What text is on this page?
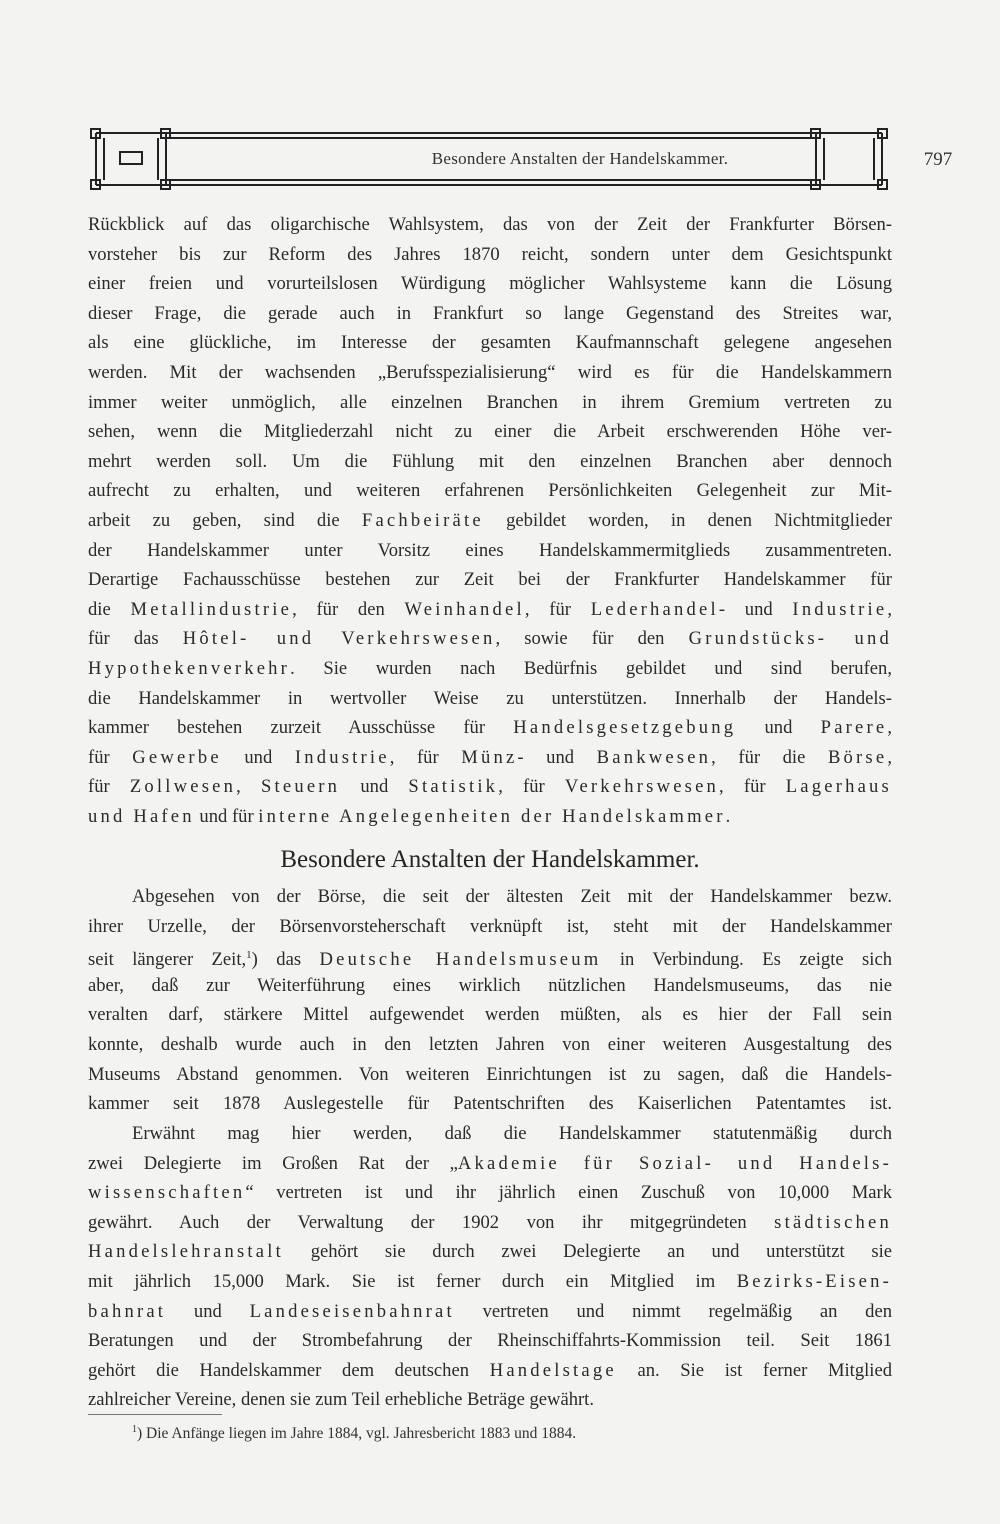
Besondere Anstalten der Handelskammer.	797
Rückblick auf das oligarchische Wahlsystem, das von der Zeit der Frankfurter Börsen-
vorsteher bis zur Reform des Jahres 1870 reicht, sondern unter dem Gesichtspunkt
einer freien und vorurteilslosen Würdigung möglicher Wahlsysteme kann die Lösung
dieser Frage, die gerade auch in Frankfurt so lange Gegenstand des Streites war,
als eine glückliche, im Interesse der gesamten Kaufmannschaft gelegene angesehen
werden. Mit der wachsenden „Berufsspezialisierung“ wird es für die Handelskammern
immer weiter unmöglich, alle einzelnen Branchen in ihrem Gremium vertreten zu
sehen, wenn die Mitgliederzahl nicht zu einer die Arbeit erschwerenden Höhe ver-
mehrt werden soll. Um die Fühlung mit den einzelnen Branchen aber dennoch
aufrecht zu erhalten, und weiteren erfahrenen Persönlichkeiten Gelegenheit zur Mit-
arbeit zu geben, sind die Fachbeiräte gebildet worden, in denen Nichtmitglieder
der Handelskammer unter Vorsitz eines Handelskammermitglieds zusammentreten.
Derartige Fachausschüsse bestehen zur Zeit bei der Frankfurter Handelskammer für
die Metallindustrie, für den Weinhandel, für Lederhandel- und Industrie,
für das Hôtel- und Verkehrswesen, sowie für den Grundstücks- und
Hypothekenverkehr. Sie wurden nach Bedürfnis gebildet und sind berufen,
die Handelskammer in wertvoller Weise zu unterstützen. Innerhalb der Handels-
kammer bestehen zurzeit Ausschüsse für Handelsgesetzgebung und Parere,
für Gewerbe und Industrie, für Münz- und Bankwesen, für die Börse,
für Zollwesen, Steuern und Statistik, für Verkehrswesen, für Lagerhaus
und Hafen und für interne Angelegenheiten der Handelskammer.
Besondere Anstalten der Handelskammer.
Abgesehen von der Börse, die seit der ältesten Zeit mit der Handelskammer bezw.
ihrer Urzelle, der Börsenvorsteherschaft verknüpft ist, steht mit der Handelskammer
seit längerer Zeit,$^1$) das Deutsche Handelsmuseum in Verbindung. Es zeigte sich
aber, daß zur Weiterführung eines wirklich nützlichen Handelsmuseums, das nie
veralten darf, stärkere Mittel aufgewendet werden müßten, als es hier der Fall sein
konnte, deshalb wurde auch in den letzten Jahren von einer weiteren Ausgestaltung des
Museums Abstand genommen. Von weiteren Einrichtungen ist zu sagen, daß die Handels-
kammer seit 1878 Auslegestelle für Patentschriften des Kaiserlichen Patentamtes ist.
Erwähnt mag hier werden, daß die Handelskammer statutenmäßig durch
zwei Delegierte im Großen Rat der „Akademie für Sozial- und Handels-
wissenschaften“ vertreten ist und ihr jährlich einen Zuschuß von 10,000 Mark
gewährt. Auch der Verwaltung der 1902 von ihr mitgegründeten städtischen
Handelslehranstalt gehört sie durch zwei Delegierte an und unterstützt sie
mit jährlich 15,000 Mark. Sie ist ferner durch ein Mitglied im Bezirks-Eisen-
bahnrat und Landeseisenbahnrat vertreten und nimmt regelmäßig an den
Beratungen und der Strombefahrung der Rheinschiffahrts-Kommission teil. Seit 1861
gehört die Handelskammer dem deutschen Handelstage an. Sie ist ferner Mitglied
zahlreicher Vereine, denen sie zum Teil erhebliche Beträge gewährt.
$^1$) Die Anfänge liegen im Jahre 1884, vgl. Jahresbericht 1883 und 1884.
